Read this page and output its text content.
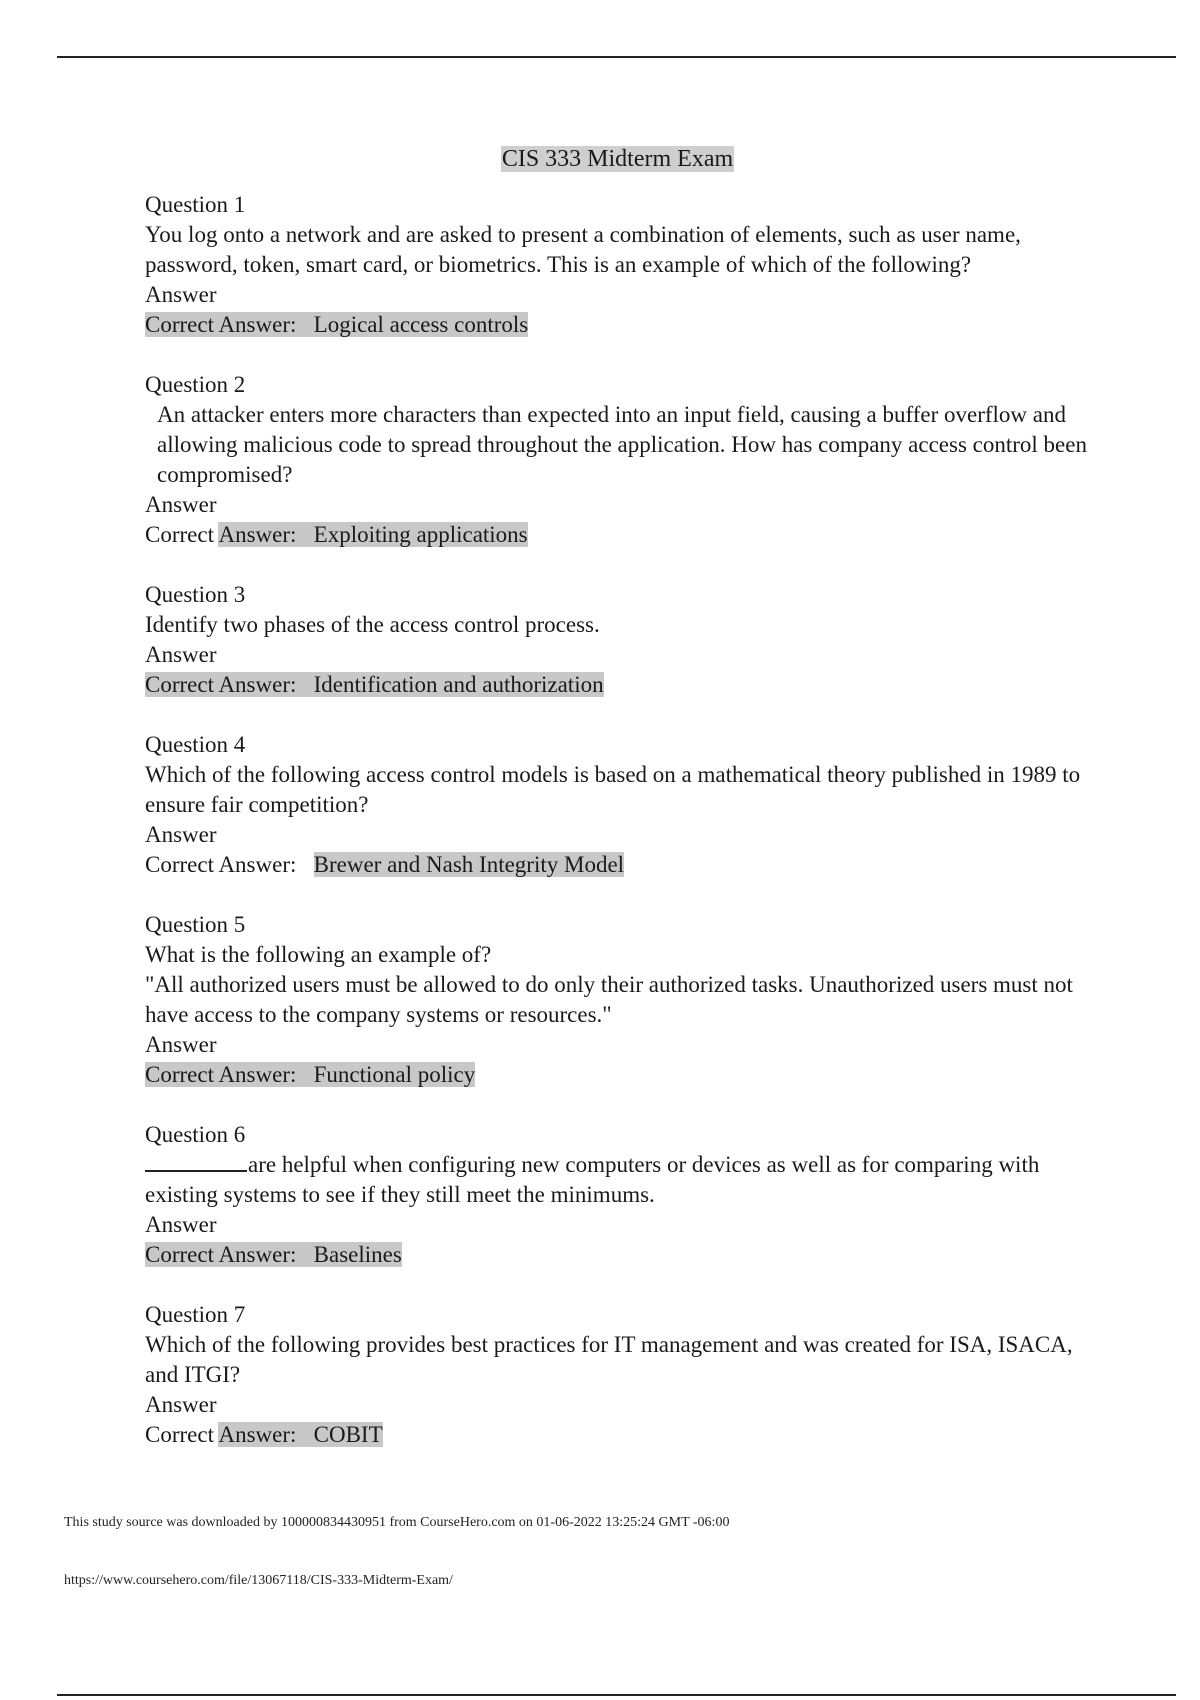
CIS 333 Midterm Exam
Question 1
You log onto a network and are asked to present a combination of elements, such as user name, password, token, smart card, or biometrics. This is an example of which of the following?
Answer
Correct Answer: Logical access controls
Question 2
An attacker enters more characters than expected into an input field, causing a buffer overflow and allowing malicious code to spread throughout the application. How has company access control been compromised?
Answer
Correct Answer: Exploiting applications
Question 3
Identify two phases of the access control process.
Answer
Correct Answer: Identification and authorization
Question 4
Which of the following access control models is based on a mathematical theory published in 1989 to ensure fair competition?
Answer
Correct Answer: Brewer and Nash Integrity Model
Question 5
What is the following an example of?
"All authorized users must be allowed to do only their authorized tasks. Unauthorized users must not have access to the company systems or resources."
Answer
Correct Answer: Functional policy
Question 6
are helpful when configuring new computers or devices as well as for comparing with existing systems to see if they still meet the minimums.
Answer
Correct Answer: Baselines
Question 7
Which of the following provides best practices for IT management and was created for ISA, ISACA, and ITGI?
Answer
Correct Answer: COBIT
This study source was downloaded by 100000834430951 from CourseHero.com on 01-06-2022 13:25:24 GMT -06:00
https://www.coursehero.com/file/13067118/CIS-333-Midterm-Exam/
